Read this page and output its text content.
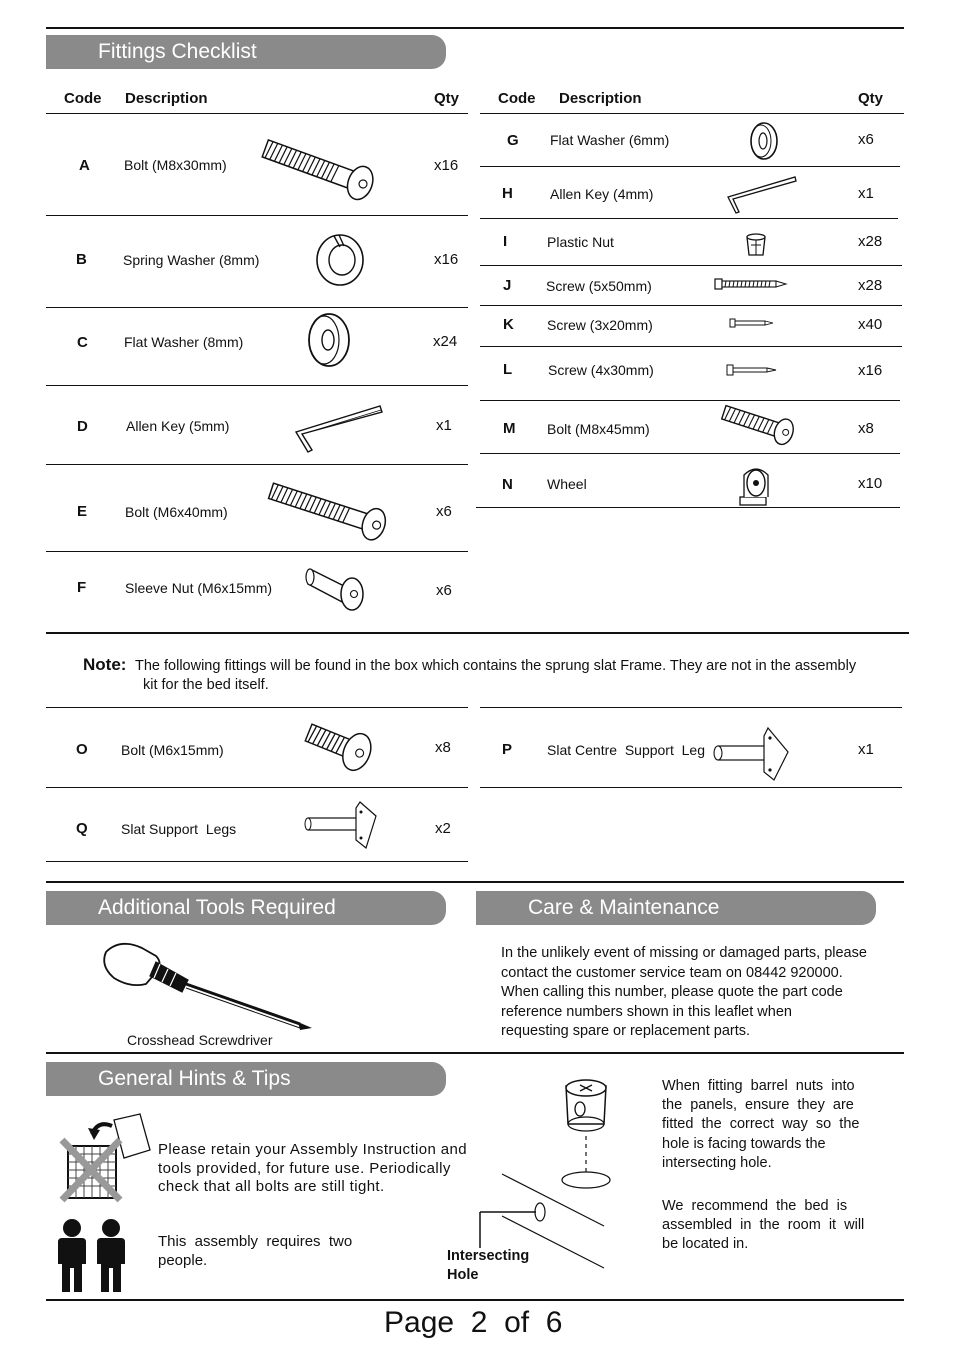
Fittings Checklist
Code Description	Qty	Code Description	Qty
A Bolt (M8x30mm)	x16
B	Spring Washer (8mm)	x16
C	Flat Washer (8mm)	x24
D	Allen Key (5mm)	x1
E	Bolt (M6x40mm)	x6
F	Sleeve Nut (M6x15mm)	x6
G Flat Washer (6mm)	x6
H	Allen Key (4mm)	x1
I	Plastic Nut	x28
J Screw (5x50mm)	x28
K Screw (3x20mm)	x40
L	Screw (4x30mm)	x16
M Bolt (M8x45mm)	x8
N Wheel	x10
Note: The following fittings will be found in the box which contains the sprung slat Frame. They are not in the assembly
kit for the bed itself.
O Bolt (M6x15mm)	x8	P Slat Centre  Support  Leg	x1
Q Slat Support  Legs	x2
Additional Tools Required	Care & Maintenance
Crosshead Screwdriver
In the unlikely event of missing or damaged parts, please
contact the customer service team on 08442 920000.
When calling this number, please quote the part code
reference numbers shown in this leaflet when
requesting spare or replacement parts.
General Hints & Tips
Please retain your Assembly Instruction and
tools provided, for future use. Periodically
check that all bolts are still tight.
This  assembly  requires  two
people.	Intersecting
Hole
When  fitting  barrel  nuts  into
the  panels,  ensure  they  are
fitted  the  correct  way  so  the
hole is facing towards the
intersecting hole.
We  recommend  the  bed  is
assembled  in  the  room  it  will
be located in.
Page  2  of  6
